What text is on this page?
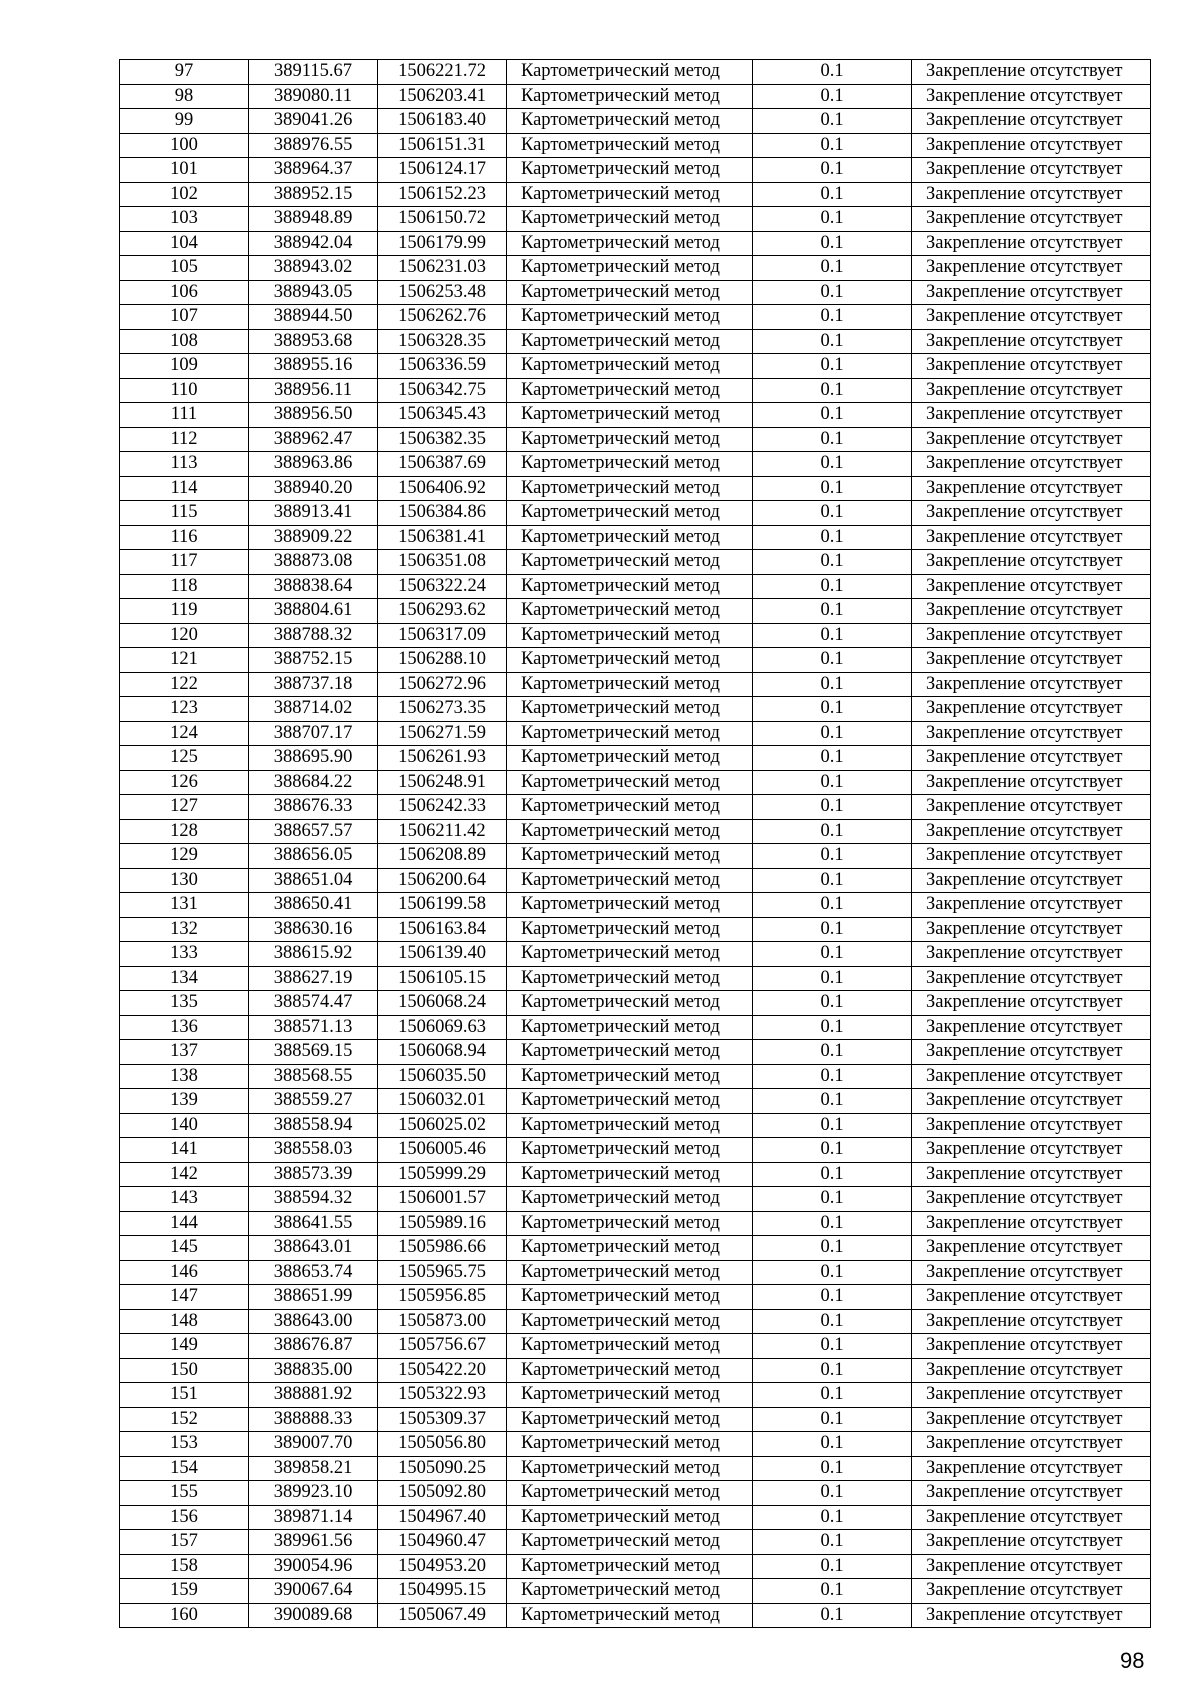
97	389115.67	1506221.72	Картометрический метод	0.1	Закрепление отсутствует
98	389080.11	1506203.41	Картометрический метод	0.1	Закрепление отсутствует
99	389041.26	1506183.40	Картометрический метод	0.1	Закрепление отсутствует
100	388976.55	1506151.31	Картометрический метод	0.1	Закрепление отсутствует
101	388964.37	1506124.17	Картометрический метод	0.1	Закрепление отсутствует
102	388952.15	1506152.23	Картометрический метод	0.1	Закрепление отсутствует
103	388948.89	1506150.72	Картометрический метод	0.1	Закрепление отсутствует
104	388942.04	1506179.99	Картометрический метод	0.1	Закрепление отсутствует
105	388943.02	1506231.03	Картометрический метод	0.1	Закрепление отсутствует
106	388943.05	1506253.48	Картометрический метод	0.1	Закрепление отсутствует
107	388944.50	1506262.76	Картометрический метод	0.1	Закрепление отсутствует
108	388953.68	1506328.35	Картометрический метод	0.1	Закрепление отсутствует
109	388955.16	1506336.59	Картометрический метод	0.1	Закрепление отсутствует
110	388956.11	1506342.75	Картометрический метод	0.1	Закрепление отсутствует
111	388956.50	1506345.43	Картометрический метод	0.1	Закрепление отсутствует
112	388962.47	1506382.35	Картометрический метод	0.1	Закрепление отсутствует
113	388963.86	1506387.69	Картометрический метод	0.1	Закрепление отсутствует
114	388940.20	1506406.92	Картометрический метод	0.1	Закрепление отсутствует
115	388913.41	1506384.86	Картометрический метод	0.1	Закрепление отсутствует
116	388909.22	1506381.41	Картометрический метод	0.1	Закрепление отсутствует
117	388873.08	1506351.08	Картометрический метод	0.1	Закрепление отсутствует
118	388838.64	1506322.24	Картометрический метод	0.1	Закрепление отсутствует
119	388804.61	1506293.62	Картометрический метод	0.1	Закрепление отсутствует
120	388788.32	1506317.09	Картометрический метод	0.1	Закрепление отсутствует
121	388752.15	1506288.10	Картометрический метод	0.1	Закрепление отсутствует
122	388737.18	1506272.96	Картометрический метод	0.1	Закрепление отсутствует
123	388714.02	1506273.35	Картометрический метод	0.1	Закрепление отсутствует
124	388707.17	1506271.59	Картометрический метод	0.1	Закрепление отсутствует
125	388695.90	1506261.93	Картометрический метод	0.1	Закрепление отсутствует
126	388684.22	1506248.91	Картометрический метод	0.1	Закрепление отсутствует
127	388676.33	1506242.33	Картометрический метод	0.1	Закрепление отсутствует
128	388657.57	1506211.42	Картометрический метод	0.1	Закрепление отсутствует
129	388656.05	1506208.89	Картометрический метод	0.1	Закрепление отсутствует
130	388651.04	1506200.64	Картометрический метод	0.1	Закрепление отсутствует
131	388650.41	1506199.58	Картометрический метод	0.1	Закрепление отсутствует
132	388630.16	1506163.84	Картометрический метод	0.1	Закрепление отсутствует
133	388615.92	1506139.40	Картометрический метод	0.1	Закрепление отсутствует
134	388627.19	1506105.15	Картометрический метод	0.1	Закрепление отсутствует
135	388574.47	1506068.24	Картометрический метод	0.1	Закрепление отсутствует
136	388571.13	1506069.63	Картометрический метод	0.1	Закрепление отсутствует
137	388569.15	1506068.94	Картометрический метод	0.1	Закрепление отсутствует
138	388568.55	1506035.50	Картометрический метод	0.1	Закрепление отсутствует
139	388559.27	1506032.01	Картометрический метод	0.1	Закрепление отсутствует
140	388558.94	1506025.02	Картометрический метод	0.1	Закрепление отсутствует
141	388558.03	1506005.46	Картометрический метод	0.1	Закрепление отсутствует
142	388573.39	1505999.29	Картометрический метод	0.1	Закрепление отсутствует
143	388594.32	1506001.57	Картометрический метод	0.1	Закрепление отсутствует
144	388641.55	1505989.16	Картометрический метод	0.1	Закрепление отсутствует
145	388643.01	1505986.66	Картометрический метод	0.1	Закрепление отсутствует
146	388653.74	1505965.75	Картометрический метод	0.1	Закрепление отсутствует
147	388651.99	1505956.85	Картометрический метод	0.1	Закрепление отсутствует
148	388643.00	1505873.00	Картометрический метод	0.1	Закрепление отсутствует
149	388676.87	1505756.67	Картометрический метод	0.1	Закрепление отсутствует
150	388835.00	1505422.20	Картометрический метод	0.1	Закрепление отсутствует
151	388881.92	1505322.93	Картометрический метод	0.1	Закрепление отсутствует
152	388888.33	1505309.37	Картометрический метод	0.1	Закрепление отсутствует
153	389007.70	1505056.80	Картометрический метод	0.1	Закрепление отсутствует
154	389858.21	1505090.25	Картометрический метод	0.1	Закрепление отсутствует
155	389923.10	1505092.80	Картометрический метод	0.1	Закрепление отсутствует
156	389871.14	1504967.40	Картометрический метод	0.1	Закрепление отсутствует
157	389961.56	1504960.47	Картометрический метод	0.1	Закрепление отсутствует
158	390054.96	1504953.20	Картометрический метод	0.1	Закрепление отсутствует
159	390067.64	1504995.15	Картометрический метод	0.1	Закрепление отсутствует
160	390089.68	1505067.49	Картометрический метод	0.1	Закрепление отсутствует
98
